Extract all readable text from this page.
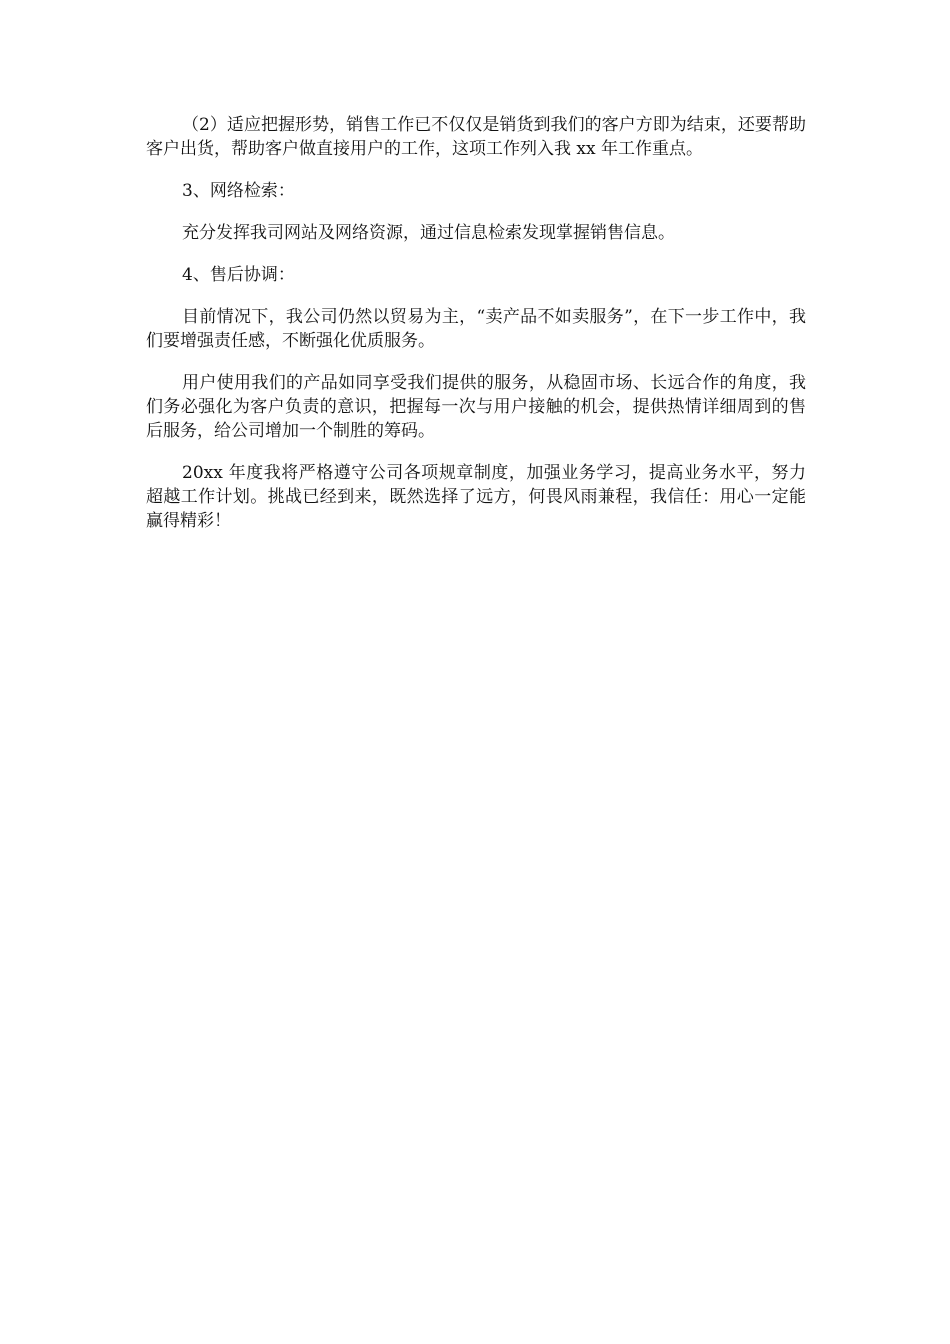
（2）适应把握形势，销售工作已不仅仅是销货到我们的客户方即为结束，还要帮助客户出货，帮助客户做直接用户的工作，这项工作列入我 xx 年工作重点。

3、网络检索：

充分发挥我司网站及网络资源，通过信息检索发现掌握销售信息。

4、售后协调：

目前情况下，我公司仍然以贸易为主，“卖产品不如卖服务”，在下一步工作中，我们要增强责任感，不断强化优质服务。

用户使用我们的产品如同享受我们提供的服务，从稳固市场、长远合作的角度，我们务必强化为客户负责的意识，把握每一次与用户接触的机会，提供热情详细周到的售后服务，给公司增加一个制胜的筹码。

20xx 年度我将严格遵守公司各项规章制度，加强业务学习，提高业务水平，努力超越工作计划。挑战已经到来，既然选择了远方，何畏风雨兼程，我信任：用心一定能赢得精彩！
